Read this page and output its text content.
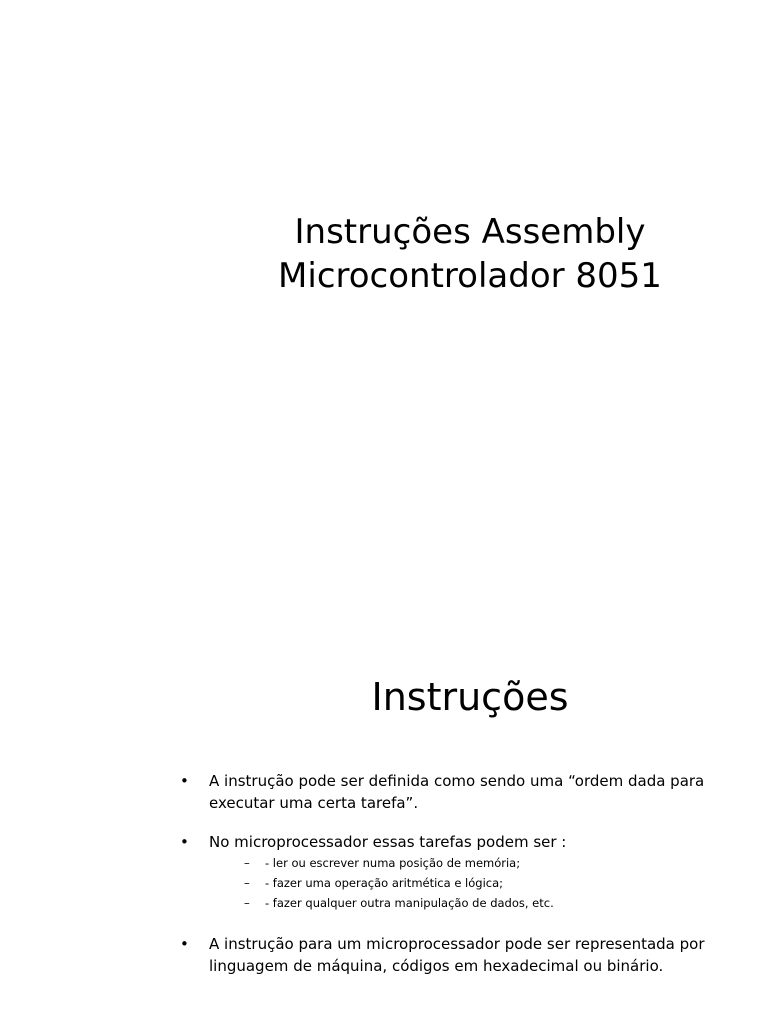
Instruções Assembly
Microcontrolador 8051
Instruções
• A instrução pode ser definida como sendo uma “ordem dada para
executar uma certa tarefa”.
• No microprocessador essas tarefas podem ser :
– - ler ou escrever numa posição de memória;
– - fazer uma operação aritmética e lógica;
– - fazer qualquer outra manipulação de dados, etc.
• A instrução para um microprocessador pode ser representada por
linguagem de máquina, códigos em hexadecimal ou binário.
